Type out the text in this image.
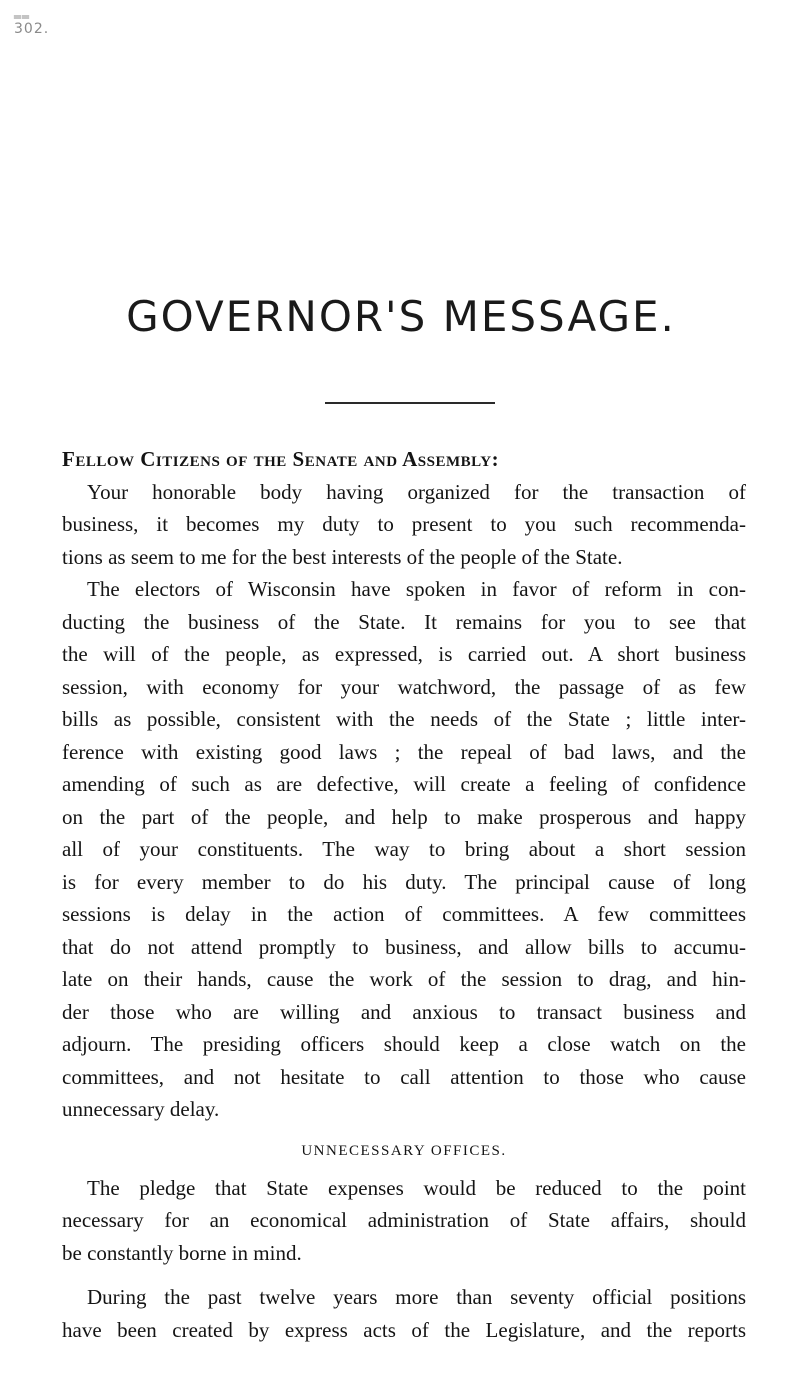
‗‗
302.
GOVERNOR'S MESSAGE.

Fellow Citizens of the Senate and Assembly:

Your honorable body having organized for the transaction of
business, it becomes my duty to present to you such recommenda-
tions as seem to me for the best interests of the people of the State.
The electors of Wisconsin have spoken in favor of reform in con-
ducting the business of the State. It remains for you to see that
the will of the people, as expressed, is carried out. A short business
session, with economy for your watchword, the passage of as few
bills as possible, consistent with the needs of the State ; little inter-
ference with existing good laws ; the repeal of bad laws, and the
amending of such as are defective, will create a feeling of confidence
on the part of the people, and help to make prosperous and happy
all of your constituents. The way to bring about a short session
is for every member to do his duty. The principal cause of long
sessions is delay in the action of committees. A few committees
that do not attend promptly to business, and allow bills to accumu-
late on their hands, cause the work of the session to drag, and hin-
der those who are willing and anxious to transact business and
adjourn. The presiding officers should keep a close watch on the
committees, and not hesitate to call attention to those who cause
unnecessary delay.
UNNECESSARY OFFICES.
The pledge that State expenses would be reduced to the point
necessary for an economical administration of State affairs, should
be constantly borne in mind.
During the past twelve years more than seventy official positions
have been created by express acts of the Legislature, and the reports
